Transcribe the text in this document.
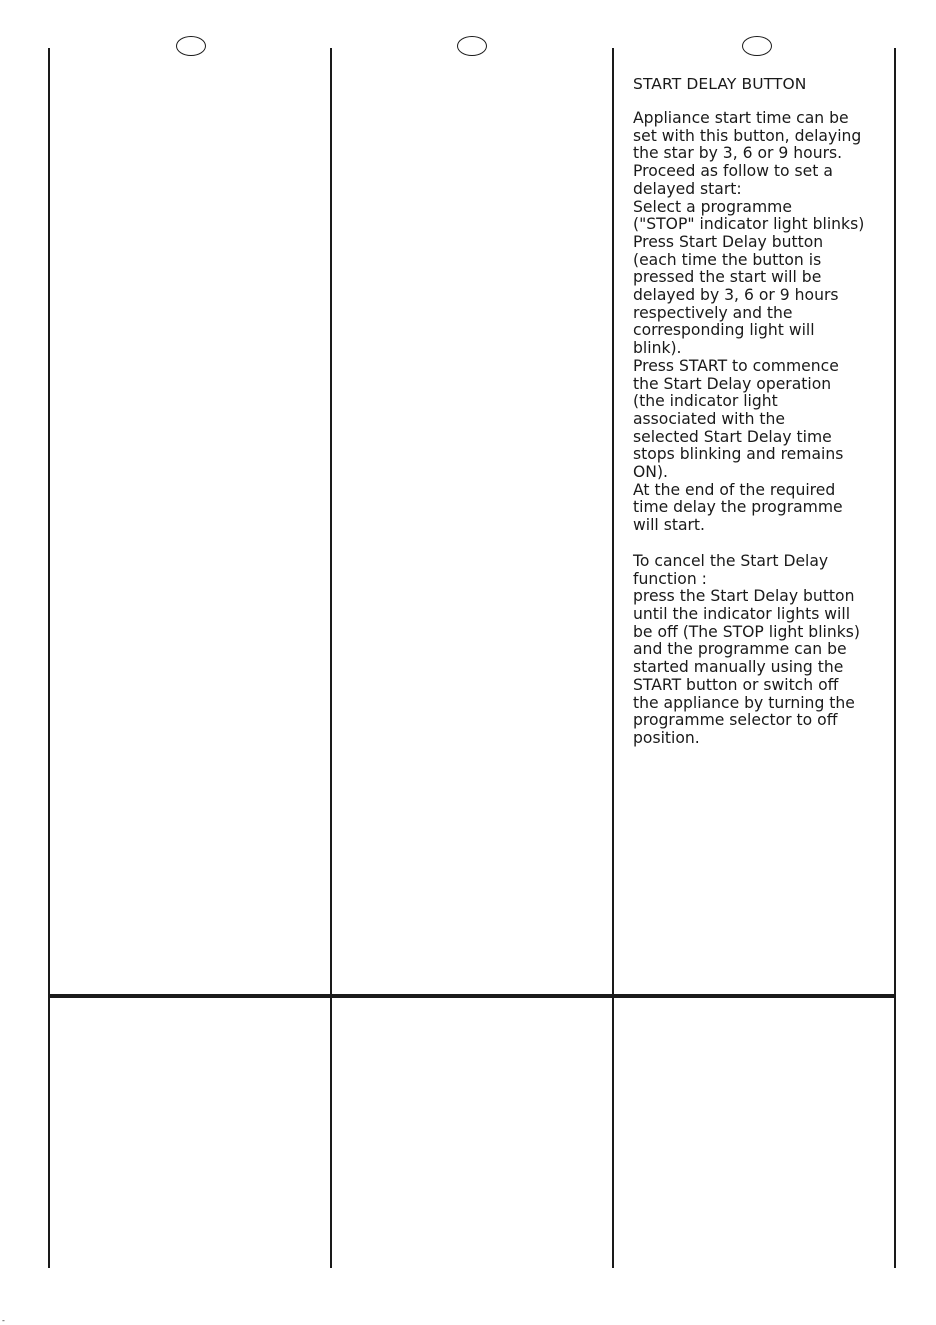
START DELAY BUTTON
Appliance start time can be
set with this button, delaying
the star by 3, 6 or 9 hours.
Proceed as follow to set a
delayed start:
Select a programme
("STOP" indicator light blinks)
Press Start Delay button
(each time the button is
pressed the start will be
delayed by 3, 6 or 9 hours
respectively and the
corresponding light will
blink).
Press START to commence
the Start Delay operation
(the indicator light
associated with the
selected Start Delay time
stops blinking and remains
ON).
At the end of the required
time delay the programme
will start.
To cancel the Start Delay
function :
press the Start Delay button
until the indicator lights will
be off (The STOP light blinks)
and the programme can be
started manually using the
START button or switch off
the appliance by turning the
programme selector to off
position.
-
